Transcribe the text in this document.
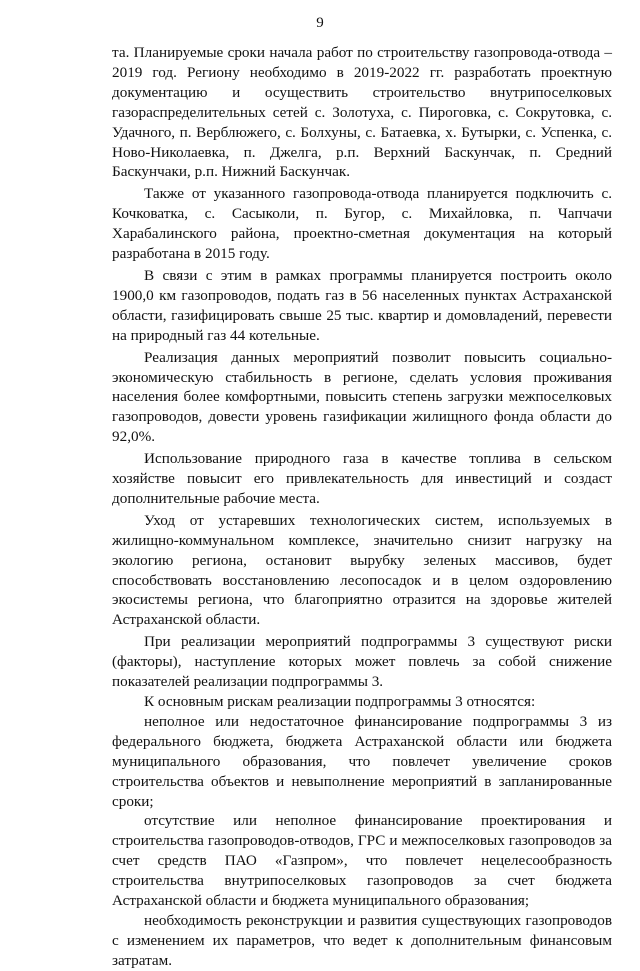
9

та. Планируемые сроки начала работ по строительству газопровода-отвода – 2019 год. Региону необходимо в 2019-2022 гг. разработать проектную документацию и осуществить строительство внутрипоселковых газораспределительных сетей с. Золотуха, с. Пироговка, с. Сокрутовка, с. Удачного, п. Верблюжего, с. Болхуны, с. Батаевка, х. Бутырки, с. Успенка, с. Ново-Николаевка, п. Джелга, р.п. Верхний Баскунчак, п. Средний Баскунчаки, р.п. Нижний Баскунчак.

Также от указанного газопровода-отвода планируется подключить с. Кочковатка, с. Сасыколи, п. Бугор, с. Михайловка, п. Чапчачи Харабалинского района, проектно-сметная документация на который разработана в 2015 году.

В связи с этим в рамках программы планируется построить около 1900,0 км газопроводов, подать газ в 56 населенных пунктах Астраханской области, газифицировать свыше 25 тыс. квартир и домовладений, перевести на природный газ 44 котельные.

Реализация данных мероприятий позволит повысить социально-экономическую стабильность в регионе, сделать условия проживания населения более комфортными, повысить степень загрузки межпоселковых газопроводов, довести уровень газификации жилищного фонда области до 92,0%.

Использование природного газа в качестве топлива в сельском хозяйстве повысит его привлекательность для инвестиций и создаст дополнительные рабочие места.

Уход от устаревших технологических систем, используемых в жилищно-коммунальном комплексе, значительно снизит нагрузку на экологию региона, остановит вырубку зеленых массивов, будет способствовать восстановлению лесопосадок и в целом оздоровлению экосистемы региона, что благоприятно отразится на здоровье жителей Астраханской области.

При реализации мероприятий подпрограммы 3 существуют риски (факторы), наступление которых может повлечь за собой снижение показателей реализации подпрограммы 3.

К основным рискам реализации подпрограммы 3 относятся:

неполное или недостаточное финансирование подпрограммы 3 из федерального бюджета, бюджета Астраханской области или бюджета муниципального образования, что повлечет увеличение сроков строительства объектов и невыполнение мероприятий в запланированные сроки;

отсутствие или неполное финансирование проектирования и строительства газопроводов-отводов, ГРС и межпоселковых газопроводов за счет средств ПАО «Газпром», что повлечет нецелесообразность строительства внутрипоселковых газопроводов за счет бюджета Астраханской области и бюджета муниципального образования;

необходимость реконструкции и развития существующих газопроводов с изменением их параметров, что ведет к дополнительным финансовым затратам.
